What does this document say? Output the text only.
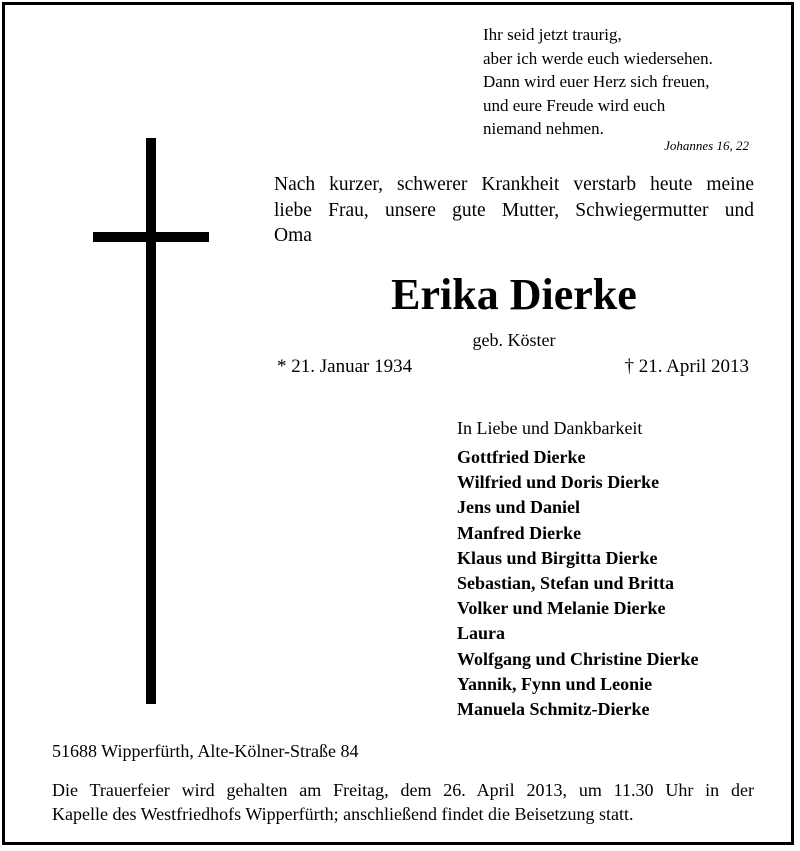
Ihr seid jetzt traurig,
aber ich werde euch wiedersehen.
Dann wird euer Herz sich freuen,
und eure Freude wird euch
niemand nehmen.
Johannes 16, 22
Nach kurzer, schwerer Krankheit verstarb heute meine
liebe Frau, unsere gute Mutter, Schwiegermutter und
Oma
Erika Dierke
geb. Köster
* 21. Januar 1934	† 21. April 2013
In Liebe und Dankbarkeit
Gottfried Dierke
Wilfried und Doris Dierke
Jens und Daniel
Manfred Dierke
Klaus und Birgitta Dierke
Sebastian, Stefan und Britta
Volker und Melanie Dierke
Laura
Wolfgang und Christine Dierke
Yannik, Fynn und Leonie
Manuela Schmitz-Dierke
51688 Wipperfürth, Alte-Kölner-Straße 84
Die Trauerfeier wird gehalten am Freitag, dem 26. April 2013, um 11.30 Uhr in der
Kapelle des Westfriedhofs Wipperfürth; anschließend findet die Beisetzung statt.
